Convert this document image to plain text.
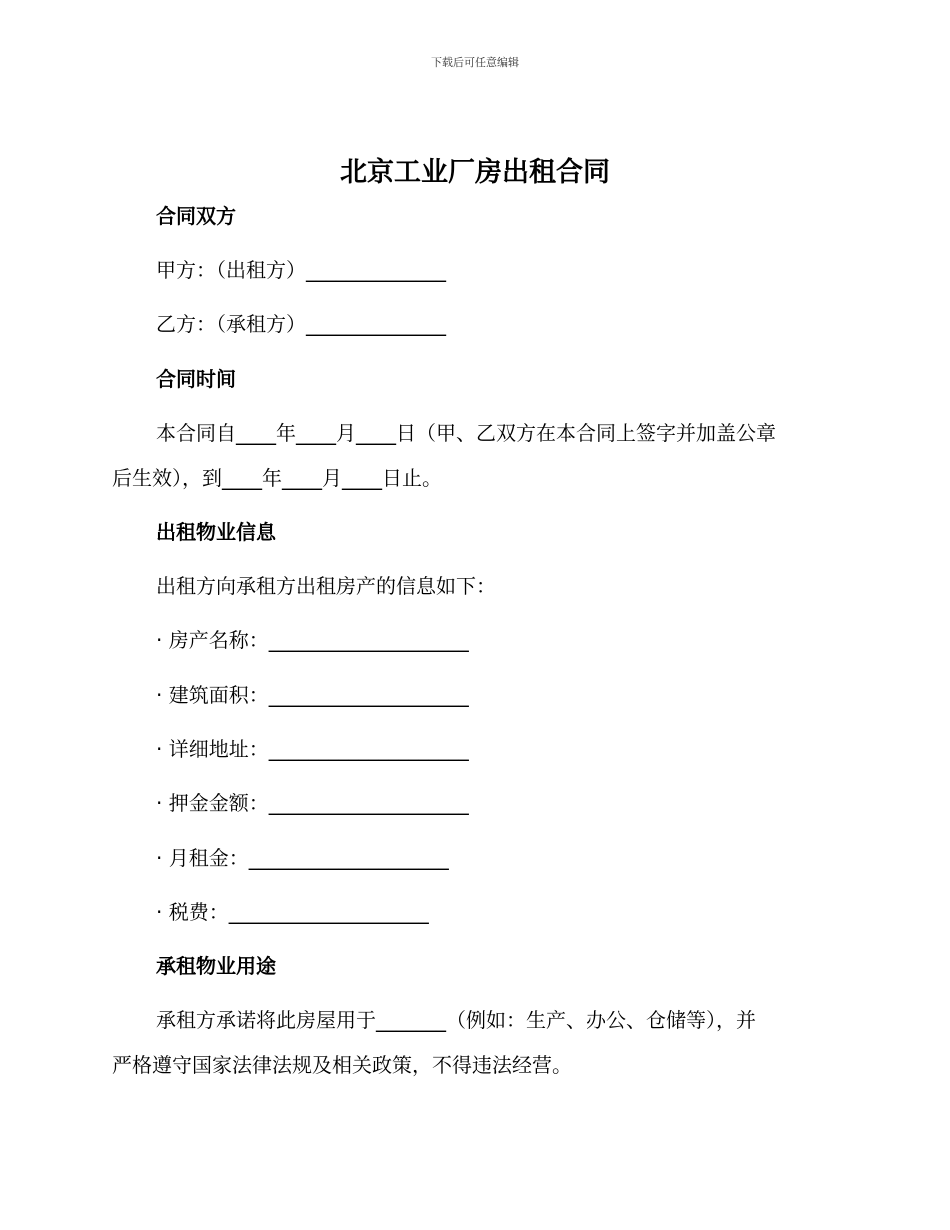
下载后可任意编辑
北京工业厂房出租合同
合同双方

甲方：（出租方）______________

乙方：（承租方）______________

合同时间

本合同自____年____月____日（甲、乙双方在本合同上签字并加盖公章

后生效），到____年____月____日止。

出租物业信息

出租方向承租方出租房产的信息如下：

· 房产名称：____________________

· 建筑面积：____________________

· 详细地址：____________________

· 押金金额：____________________

· 月租金：____________________

· 税费：____________________

承租物业用途

承租方承诺将此房屋用于_______（例如：生产、办公、仓储等），并

严格遵守国家法律法规及相关政策，不得违法经营。
